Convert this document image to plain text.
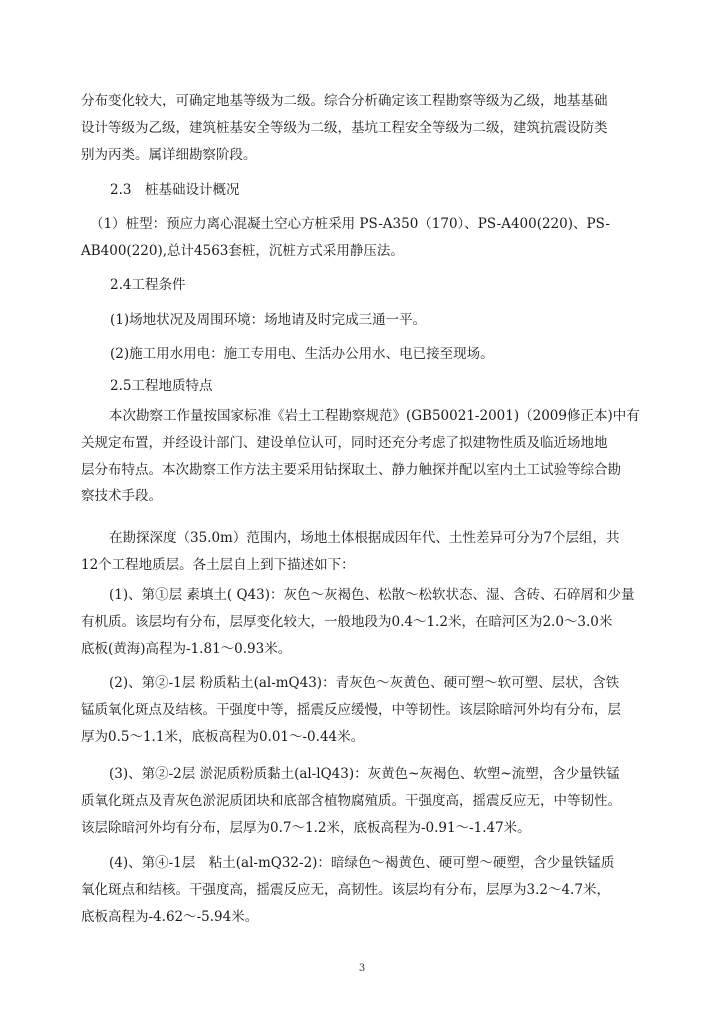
分布变化较大，可确定地基等级为二级。综合分析确定该工程勘察等级为乙级，地基基础
设计等级为乙级，建筑桩基安全等级为二级，基坑工程安全等级为二级，建筑抗震设防类
别为丙类。属详细勘察阶段。

2.3　桩基础设计概况

（1）桩型：预应力离心混凝土空心方桩采用 PS-A350（170）、PS-A400(220)、PS-
AB400(220),总计4563套桩，沉桩方式采用静压法。

2.4工程条件

(1)场地状况及周围环境：场地请及时完成三通一平。

(2)施工用水用电：施工专用电、生活办公用水、电已接至现场。

2.5工程地质特点

本次勘察工作量按国家标准《岩土工程勘察规范》(GB50021-2001)（2009修正本)中有
关规定布置，并经设计部门、建设单位认可，同时还充分考虑了拟建物性质及临近场地地
层分布特点。本次勘察工作方法主要采用钻探取土、静力触探并配以室内土工试验等综合勘
察技术手段。

在勘探深度（35.0m）范围内，场地土体根据成因年代、土性差异可分为7个层组，共
12个工程地质层。各土层自上到下描述如下：

(1)、第①层 素填土( Q43)：灰色～灰褐色、松散～松软状态、湿、含砖、石碎屑和少量
有机质。该层均有分布，层厚变化较大，一般地段为0.4～1.2米，在暗河区为2.0～3.0米
底板(黄海)高程为-1.81～0.93米。

(2)、第②-1层 粉质粘土(al-mQ43)：青灰色～灰黄色、硬可塑～软可塑、层状，含铁
锰质氧化斑点及结核。干强度中等，摇震反应缓慢，中等韧性。该层除暗河外均有分布，层
厚为0.5～1.1米，底板高程为0.01～-0.44米。

(3)、第②-2层 淤泥质粉质黏土(al-lQ43)：灰黄色~灰褐色、软塑~流塑，含少量铁锰
质氧化斑点及青灰色淤泥质团块和底部含植物腐殖质。干强度高，摇震反应无，中等韧性。
该层除暗河外均有分布，层厚为0.7～1.2米，底板高程为-0.91～-1.47米。

(4)、第④-1层　粘土(al-mQ32-2)：暗绿色～褐黄色、硬可塑～硬塑，含少量铁锰质
氧化斑点和结核。干强度高，摇震反应无，高韧性。该层均有分布，层厚为3.2～4.7米，
底板高程为-4.62～-5.94米。

3
